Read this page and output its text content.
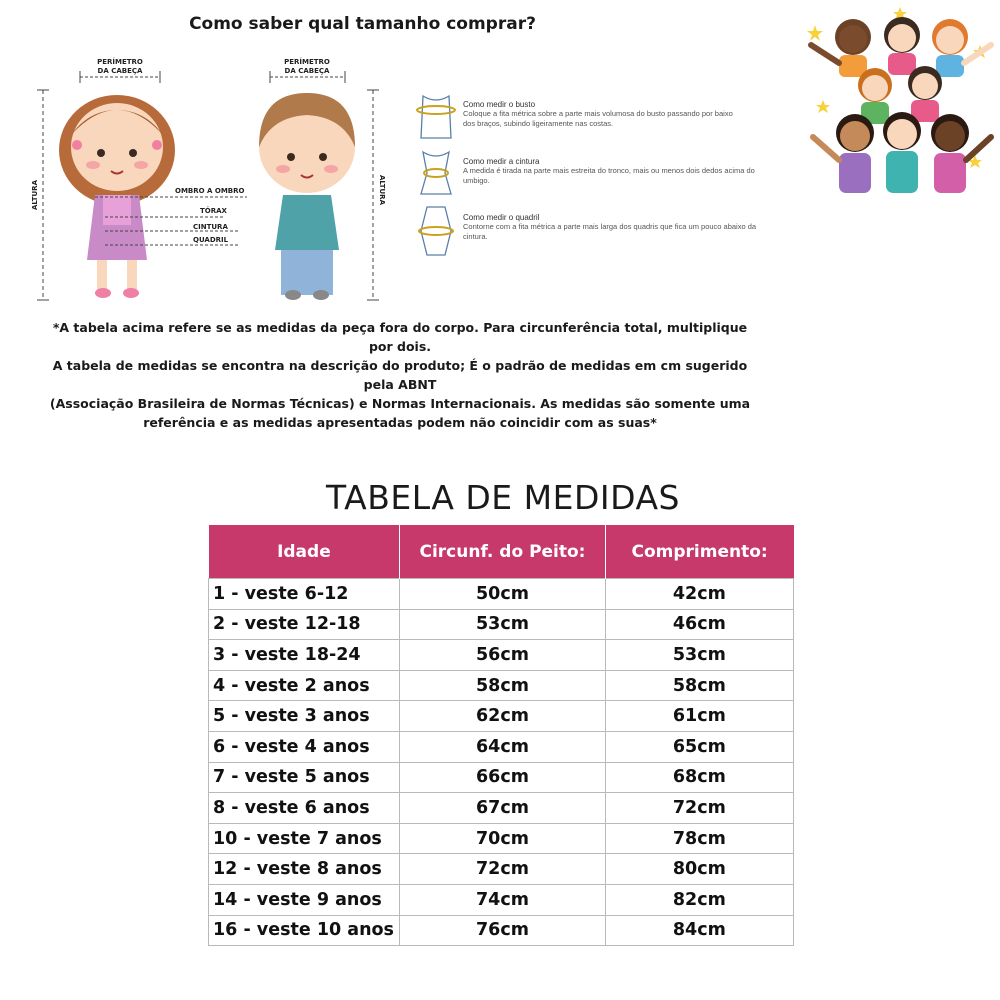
Como saber qual tamanho comprar?
PERÍMETRO
DA CABEÇA
PERÍMETRO
DA CABEÇA
ALTURA	ALTURA
OMBRO A OMBRO
TÓRAX
CINTURA
QUADRIL
Como medir o busto
Coloque a fita métrica sobre a parte mais volumosa do busto passando por baixo dos braços, subindo ligeiramente nas costas.
Como medir a cintura
A medida é tirada na parte mais estreita do tronco, mais ou menos dois dedos acima do umbigo.
Como medir o quadril
Contorne com a fita métrica a parte mais larga dos quadris que fica um pouco abaixo da cintura.
*A tabela acima refere se as medidas da peça fora do corpo. Para circunferência total, multiplique por dois.
A tabela de medidas se encontra na descrição do produto; É o padrão de medidas em cm sugerido pela ABNT
(Associação Brasileira de Normas Técnicas) e Normas Internacionais. As medidas são somente uma
referência e as medidas apresentadas podem não coincidir com as suas*
TABELA DE MEDIDAS
Idade	Circunf. do Peito:	Comprimento:
1 - veste 6-12	50cm	42cm
2 - veste 12-18	53cm	46cm
3 - veste 18-24	56cm	53cm
4 - veste 2 anos	58cm	58cm
5 - veste 3 anos	62cm	61cm
6 - veste 4 anos	64cm	65cm
7 - veste 5 anos	66cm	68cm
8 - veste 6 anos	67cm	72cm
10 - veste 7 anos	70cm	78cm
12 - veste 8 anos	72cm	80cm
14 - veste 9 anos	74cm	82cm
16 - veste 10 anos	76cm	84cm
